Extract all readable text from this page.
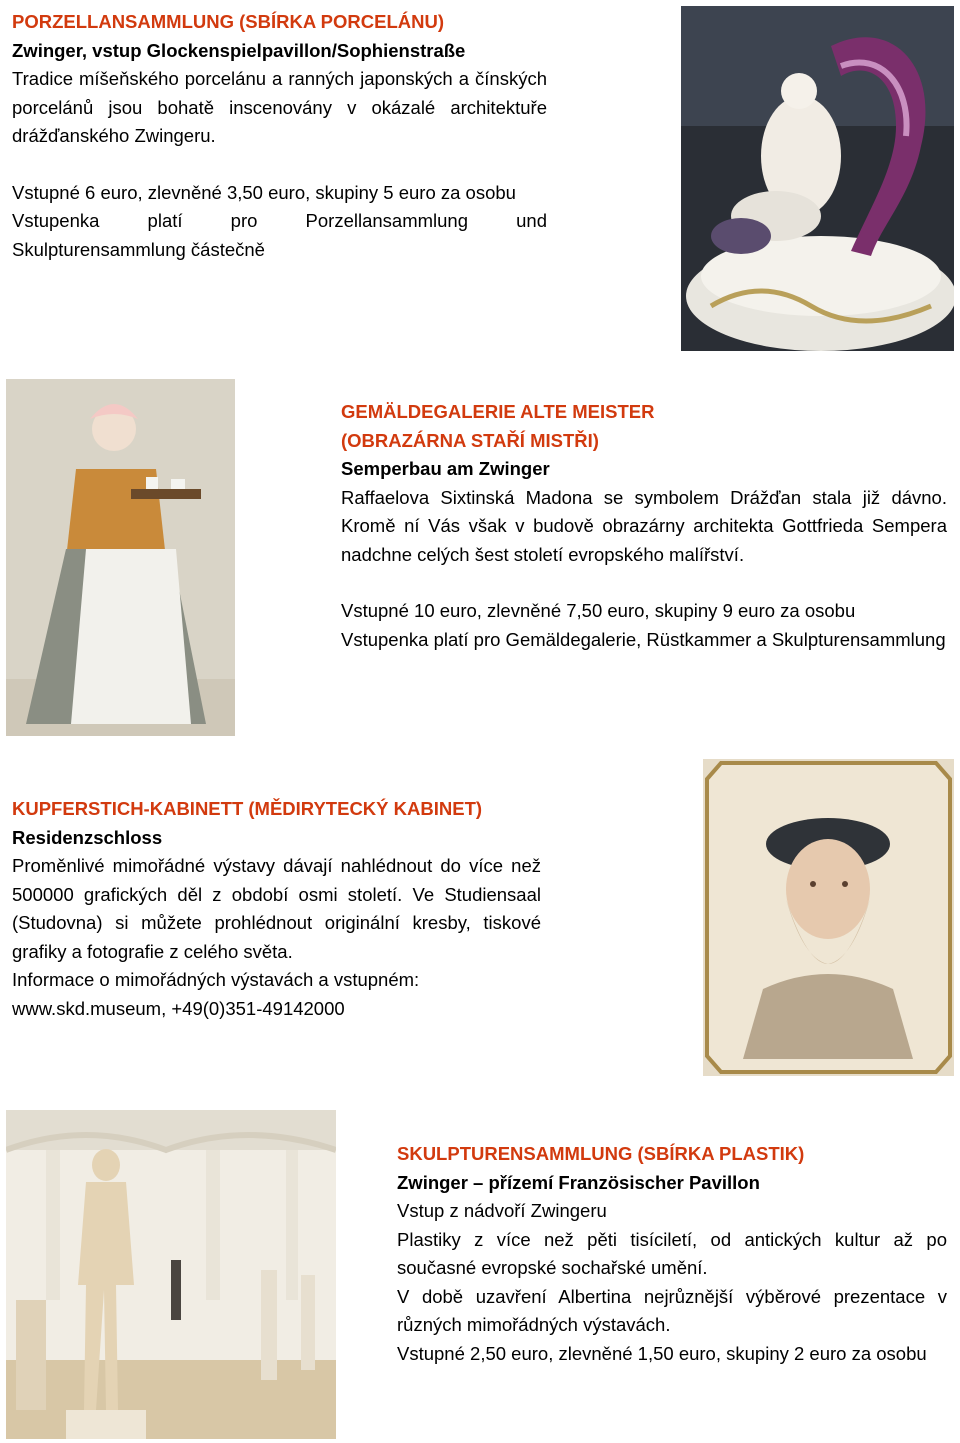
PORZELLANSAMMLUNG (SBÍRKA PORCELÁNU)

Zwinger, vstup Glockenspielpavillon/Sophienstraße

Tradice míšeňského porcelánu a ranných japonských a čínských porcelánů jsou bohatě inscenovány v okázalé architektuře drážďanského Zwingeru.

Vstupné 6 euro, zlevněné 3,50 euro, skupiny 5 euro za osobu

Vstupenka platí pro Porzellansammlung und Skulpturensammlung částečně

GEMÄLDEGALERIE ALTE MEISTER

(OBRAZÁRNA STAŘÍ MISTŘI)

Semperbau am Zwinger

Raffaelova Sixtinská Madona se symbolem Drážďan stala již dávno. Kromě ní Vás však v budově obrazárny architekta Gottfrieda Sempera nadchne celých šest století evropského malířství.

Vstupné 10 euro, zlevněné 7,50 euro, skupiny 9 euro za osobu

Vstupenka platí pro Gemäldegalerie, Rüstkammer a Skulpturensammlung

KUPFERSTICH-KABINETT (MĚDIRYTECKÝ KABINET)

Residenzschloss

Proměnlivé mimořádné výstavy dávají nahlédnout do více než 500000 grafických děl z období osmi století. Ve Studiensaal (Studovna) si můžete prohlédnout originální kresby, tiskové grafiky a fotografie z celého světa.

Informace o mimořádných výstavách a vstupném:

www.skd.museum, +49(0)351-49142000

SKULPTURENSAMMLUNG (SBÍRKA PLASTIK)

Zwinger – přízemí Französischer Pavillon

Vstup z nádvoří Zwingeru

Plastiky z více než pěti tisíciletí, od antických kultur až po současné evropské sochařské umění.

V době uzavření Albertina nejrůznější výběrové prezentace v různých mimořádných výstavách.

Vstupné 2,50 euro, zlevněné 1,50 euro, skupiny 2 euro za osobu
